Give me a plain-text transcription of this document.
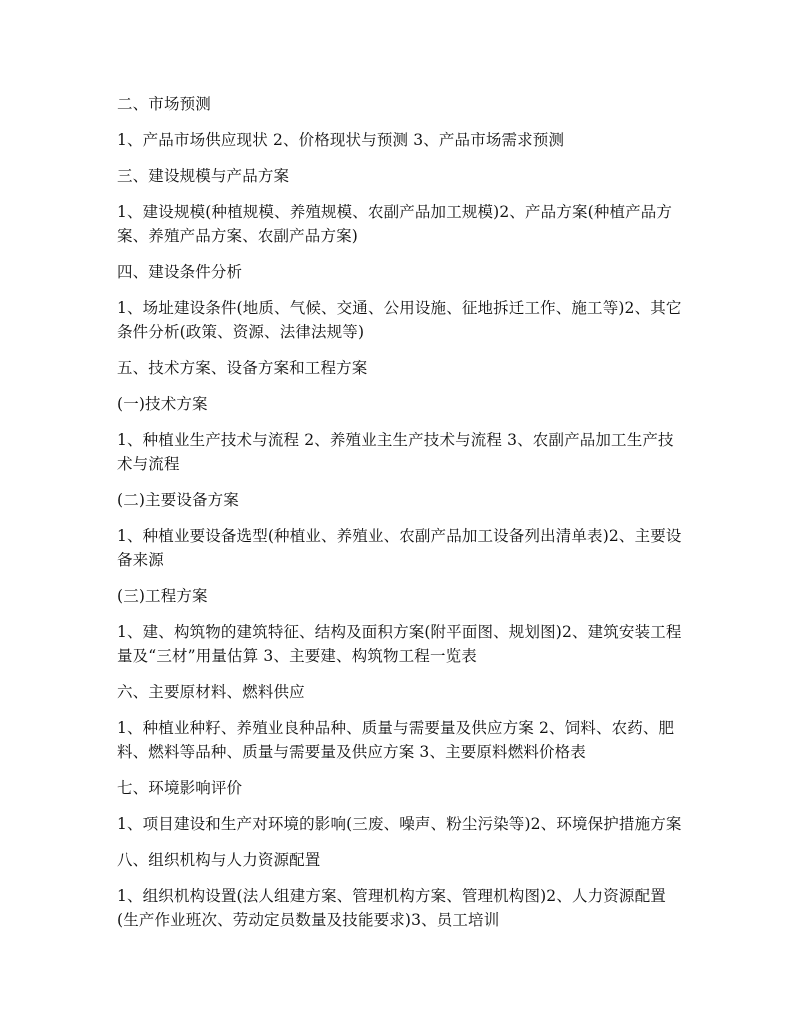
二、市场预测

1、产品市场供应现状 2、价格现状与预测 3、产品市场需求预测

三、建设规模与产品方案

1、建设规模(种植规模、养殖规模、农副产品加工规模)2、产品方案(种植产品方案、养殖产品方案、农副产品方案)

四、建设条件分析

1、场址建设条件(地质、气候、交通、公用设施、征地拆迁工作、施工等)2、其它条件分析(政策、资源、法律法规等)

五、技术方案、设备方案和工程方案

(一)技术方案

1、种植业生产技术与流程 2、养殖业主生产技术与流程 3、农副产品加工生产技术与流程

(二)主要设备方案

1、种植业要设备选型(种植业、养殖业、农副产品加工设备列出清单表)2、主要设备来源

(三)工程方案

1、建、构筑物的建筑特征、结构及面积方案(附平面图、规划图)2、建筑安装工程量及“三材”用量估算 3、主要建、构筑物工程一览表

六、主要原材料、燃料供应

1、种植业种籽、养殖业良种品种、质量与需要量及供应方案 2、饲料、农药、肥料、燃料等品种、质量与需要量及供应方案 3、主要原料燃料价格表

七、环境影响评价

1、项目建设和生产对环境的影响(三废、噪声、粉尘污染等)2、环境保护措施方案

八、组织机构与人力资源配置

1、组织机构设置(法人组建方案、管理机构方案、管理机构图)2、人力资源配置(生产作业班次、劳动定员数量及技能要求)3、员工培训
